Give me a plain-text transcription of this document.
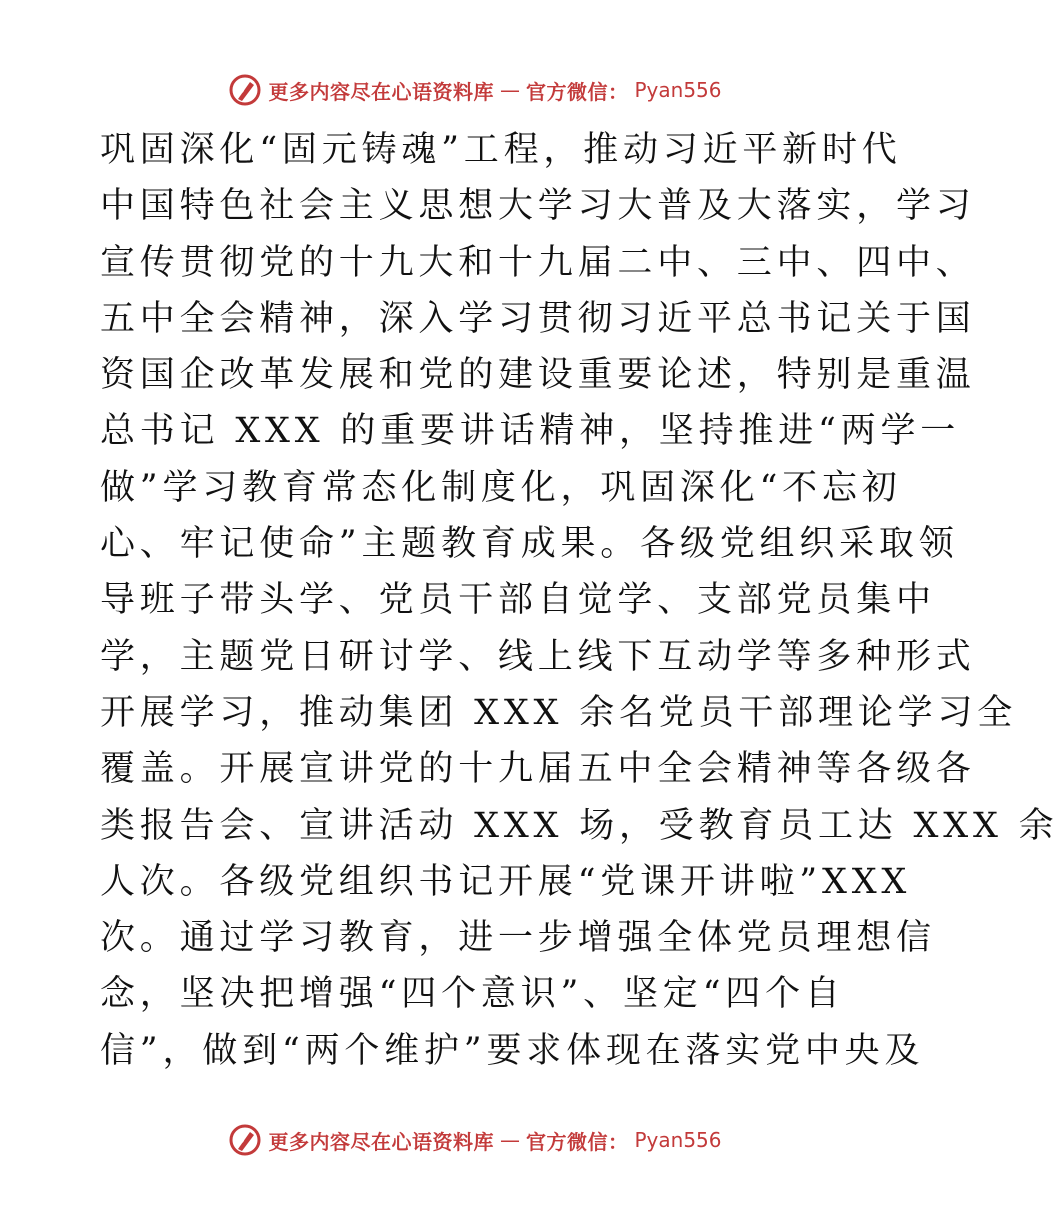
更多内容尽在心语资料库 — 官方微信： Pyan556
巩固深化“固元铸魂”工程，推动习近平新时代
中国特色社会主义思想大学习大普及大落实，学习
宣传贯彻党的十九大和十九届二中、三中、四中、
五中全会精神，深入学习贯彻习近平总书记关于国
资国企改革发展和党的建设重要论述，特别是重温
总书记 XXX 的重要讲话精神，坚持推进“两学一
做”学习教育常态化制度化，巩固深化“不忘初
心、牢记使命”主题教育成果。各级党组织采取领
导班子带头学、党员干部自觉学、支部党员集中
学，主题党日研讨学、线上线下互动学等多种形式
开展学习，推动集团 XXX 余名党员干部理论学习全
覆盖。开展宣讲党的十九届五中全会精神等各级各
类报告会、宣讲活动 XXX 场，受教育员工达 XXX 余
人次。各级党组织书记开展“党课开讲啦”XXX
次。通过学习教育，进一步增强全体党员理想信
念，坚决把增强“四个意识”、坚定“四个自
信”，做到“两个维护”要求体现在落实党中央及
更多内容尽在心语资料库 — 官方微信： Pyan556
